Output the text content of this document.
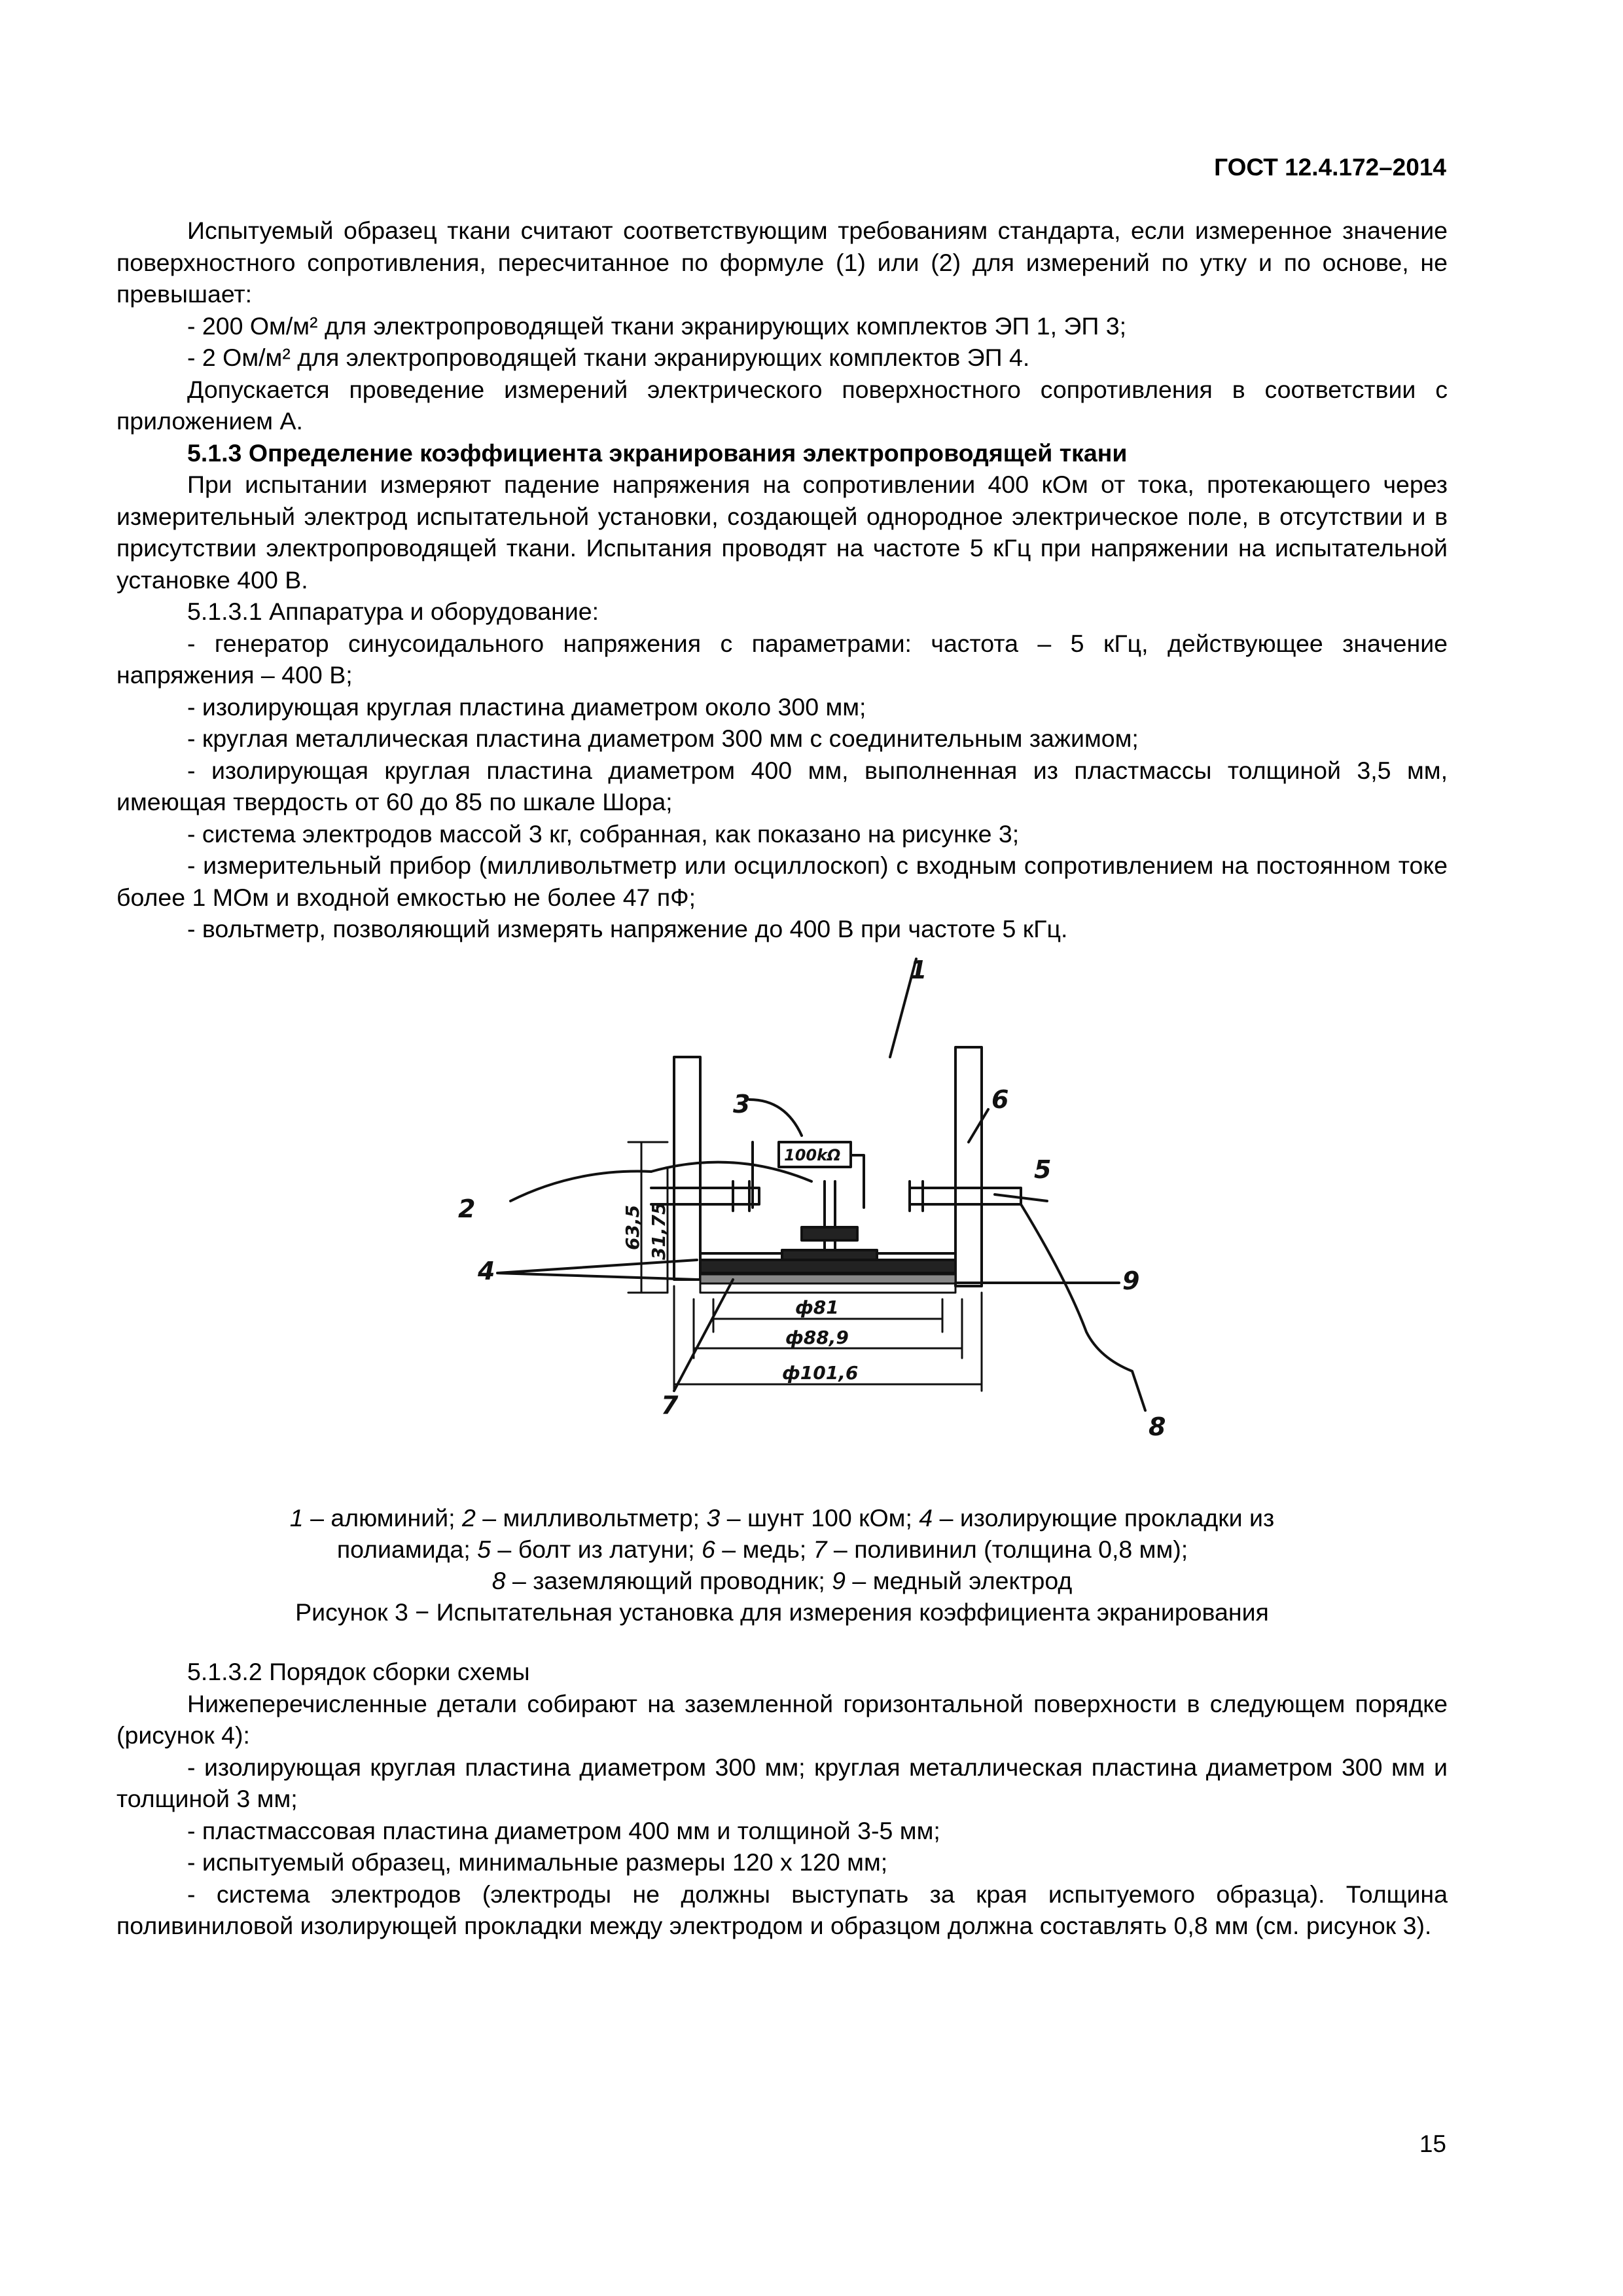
ГОСТ 12.4.172–2014

Испытуемый образец ткани считают соответствующим требованиям стандарта, если измеренное значение поверхностного сопротивления, пересчитанное по формуле (1) или (2) для измерений по утку и по основе, не превышает:

- 200 Ом/м² для электропроводящей ткани экранирующих комплектов ЭП 1, ЭП 3;

- 2 Ом/м² для электропроводящей ткани экранирующих комплектов ЭП 4.

Допускается проведение измерений электрического поверхностного сопротивления в соответствии с приложением А.

5.1.3 Определение коэффициента экранирования электропроводящей ткани

При испытании измеряют падение напряжения на сопротивлении 400 кОм от тока, протекающего через измерительный электрод испытательной установки, создающей однородное электрическое поле, в отсутствии и в присутствии электропроводящей ткани. Испытания проводят на частоте 5 кГц при напряжении на испытательной установке 400 В.

5.1.3.1 Аппаратура и оборудование:

- генератор синусоидального напряжения с параметрами: частота – 5 кГц, действующее значение напряжения – 400 В;

- изолирующая круглая пластина диаметром около 300 мм;

- круглая металлическая пластина диаметром 300 мм с соединительным зажимом;

- изолирующая круглая пластина диаметром 400 мм, выполненная из пластмассы толщиной 3,5 мм, имеющая твердость от 60 до 85 по шкале Шора;

- система электродов массой 3 кг, собранная, как показано на рисунке 3;

- измерительный прибор (милливольтметр или осциллоскоп) с входным сопротивлением на постоянном токе более 1 МОм и входной емкостью не более 47 пФ;

- вольтметр, позволяющий измерять напряжение до 400 В при частоте 5 кГц.

1
2
3
4
5
6
7
8
9
100kΩ
ф81
ф88,9
ф101,6
63,5 31,75
1 – алюминий; 2 – милливольтметр; 3 – шунт 100 кОм; 4 – изолирующие прокладки из
полиамида; 5 – болт из латуни; 6 – медь; 7 – поливинил (толщина 0,8 мм);
8 – заземляющий проводник; 9 – медный электрод
Рисунок 3 − Испытательная установка для измерения коэффициента экранирования

5.1.3.2 Порядок сборки схемы

Нижеперечисленные детали собирают на заземленной горизонтальной поверхности в следующем порядке (рисунок 4):

- изолирующая круглая пластина диаметром 300 мм; круглая металлическая пластина диаметром 300 мм и толщиной 3 мм;

- пластмассовая пластина диаметром 400 мм и толщиной 3-5 мм;

- испытуемый образец, минимальные размеры 120 х 120 мм;

- система электродов (электроды не должны выступать за края испытуемого образца). Толщина поливиниловой изолирующей прокладки между электродом и образцом должна составлять 0,8 мм (см. рисунок 3).

15
